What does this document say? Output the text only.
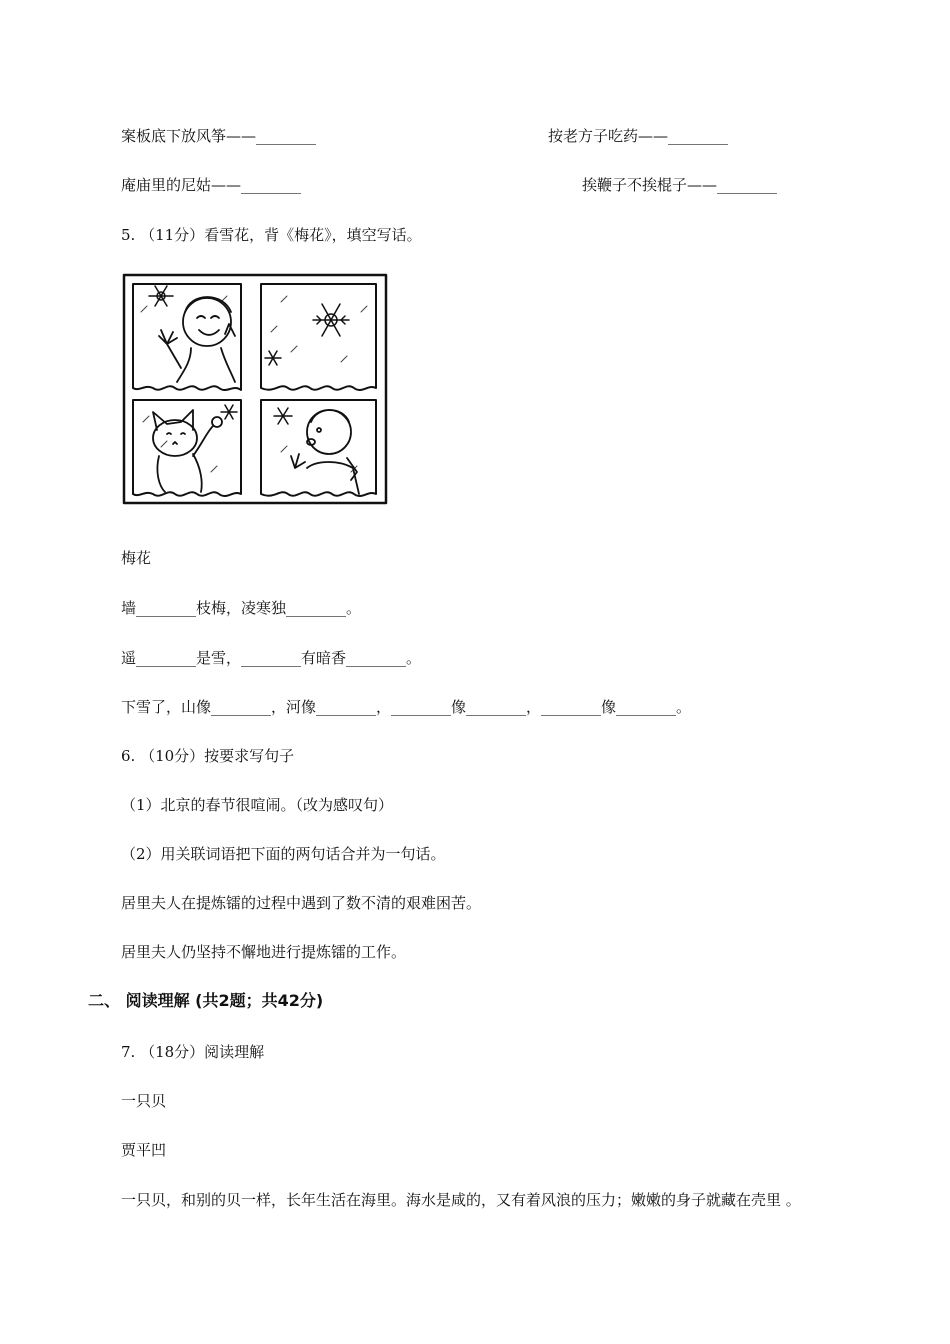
案板底下放风筝——________	按老方子吃药——________
庵庙里的尼姑——________	挨鞭子不挨棍子——________
5. （11分）看雪花，背《梅花》，填空写话。
梅花
墙________枝梅，凌寒独________。
遥________是雪，________有暗香________。
下雪了，山像________，河像________，________像________，________像________。
6. （10分）按要求写句子
（1）北京的春节很喧闹。（改为感叹句）
（2）用关联词语把下面的两句话合并为一句话。
居里夫人在提炼镭的过程中遇到了数不清的艰难困苦。
居里夫人仍坚持不懈地进行提炼镭的工作。
二、 阅读理解 (共2题；共42分)
7. （18分）阅读理解
一只贝
贾平凹
一只贝，和别的贝一样，长年生活在海里。海水是咸的，又有着风浪的压力；嫩嫩的身子就藏在壳里 。
